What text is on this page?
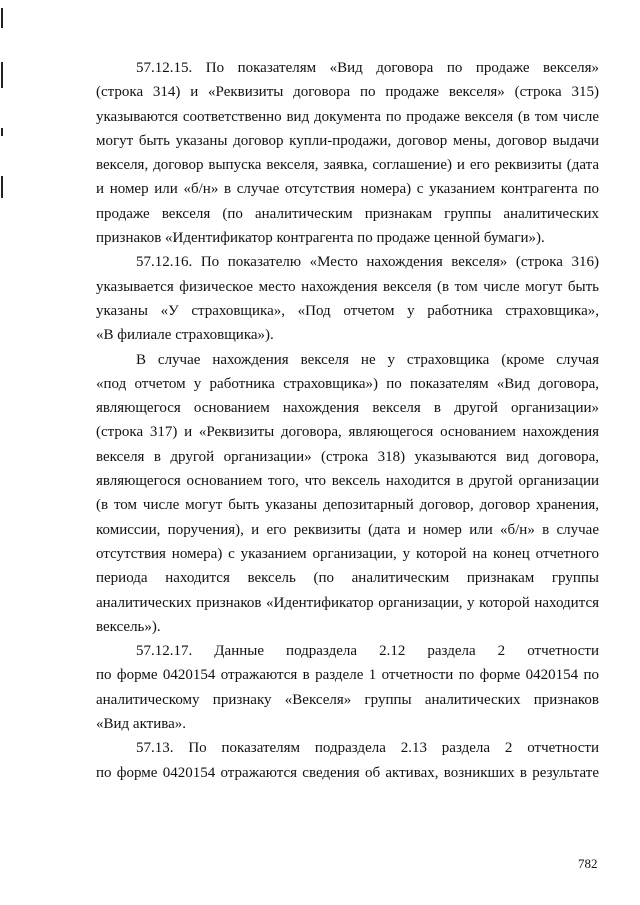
57.12.15. По показателям «Вид договора по продаже векселя»
(строка 314) и «Реквизиты договора по продаже векселя» (строка 315)
указываются соответственно вид документа по продаже векселя (в том числе
могут быть указаны договор купли-продажи, договор мены, договор выдачи
векселя, договор выпуска векселя, заявка, соглашение) и его реквизиты (дата
и номер или «б/н» в случае отсутствия номера) с указанием контрагента по
продаже векселя (по аналитическим признакам группы аналитических
признаков «Идентификатор контрагента по продаже ценной бумаги»).
57.12.16. По показателю «Место нахождения векселя» (строка 316)
указывается физическое место нахождения векселя (в том числе могут быть
указаны «У страховщика», «Под отчетом у работника страховщика»,
«В филиале страховщика»).
В случае нахождения векселя не у страховщика (кроме случая
«под отчетом у работника страховщика») по показателям «Вид договора,
являющегося основанием нахождения векселя в другой организации»
(строка 317) и «Реквизиты договора, являющегося основанием нахождения
векселя в другой организации» (строка 318) указываются вид договора,
являющегося основанием того, что вексель находится в другой организации
(в том числе могут быть указаны депозитарный договор, договор хранения,
комиссии, поручения), и его реквизиты (дата и номер или «б/н» в случае
отсутствия номера) с указанием организации, у которой на конец отчетного
периода находится вексель (по аналитическим признакам группы
аналитических признаков «Идентификатор организации, у которой находится
вексель»).
57.12.17. Данные подраздела 2.12 раздела 2 отчетности
по форме 0420154 отражаются в разделе 1 отчетности по форме 0420154 по
аналитическому признаку «Векселя» группы аналитических признаков
«Вид актива».
57.13. По показателям подраздела 2.13 раздела 2 отчетности
по форме 0420154 отражаются сведения об активах, возникших в результате
782
